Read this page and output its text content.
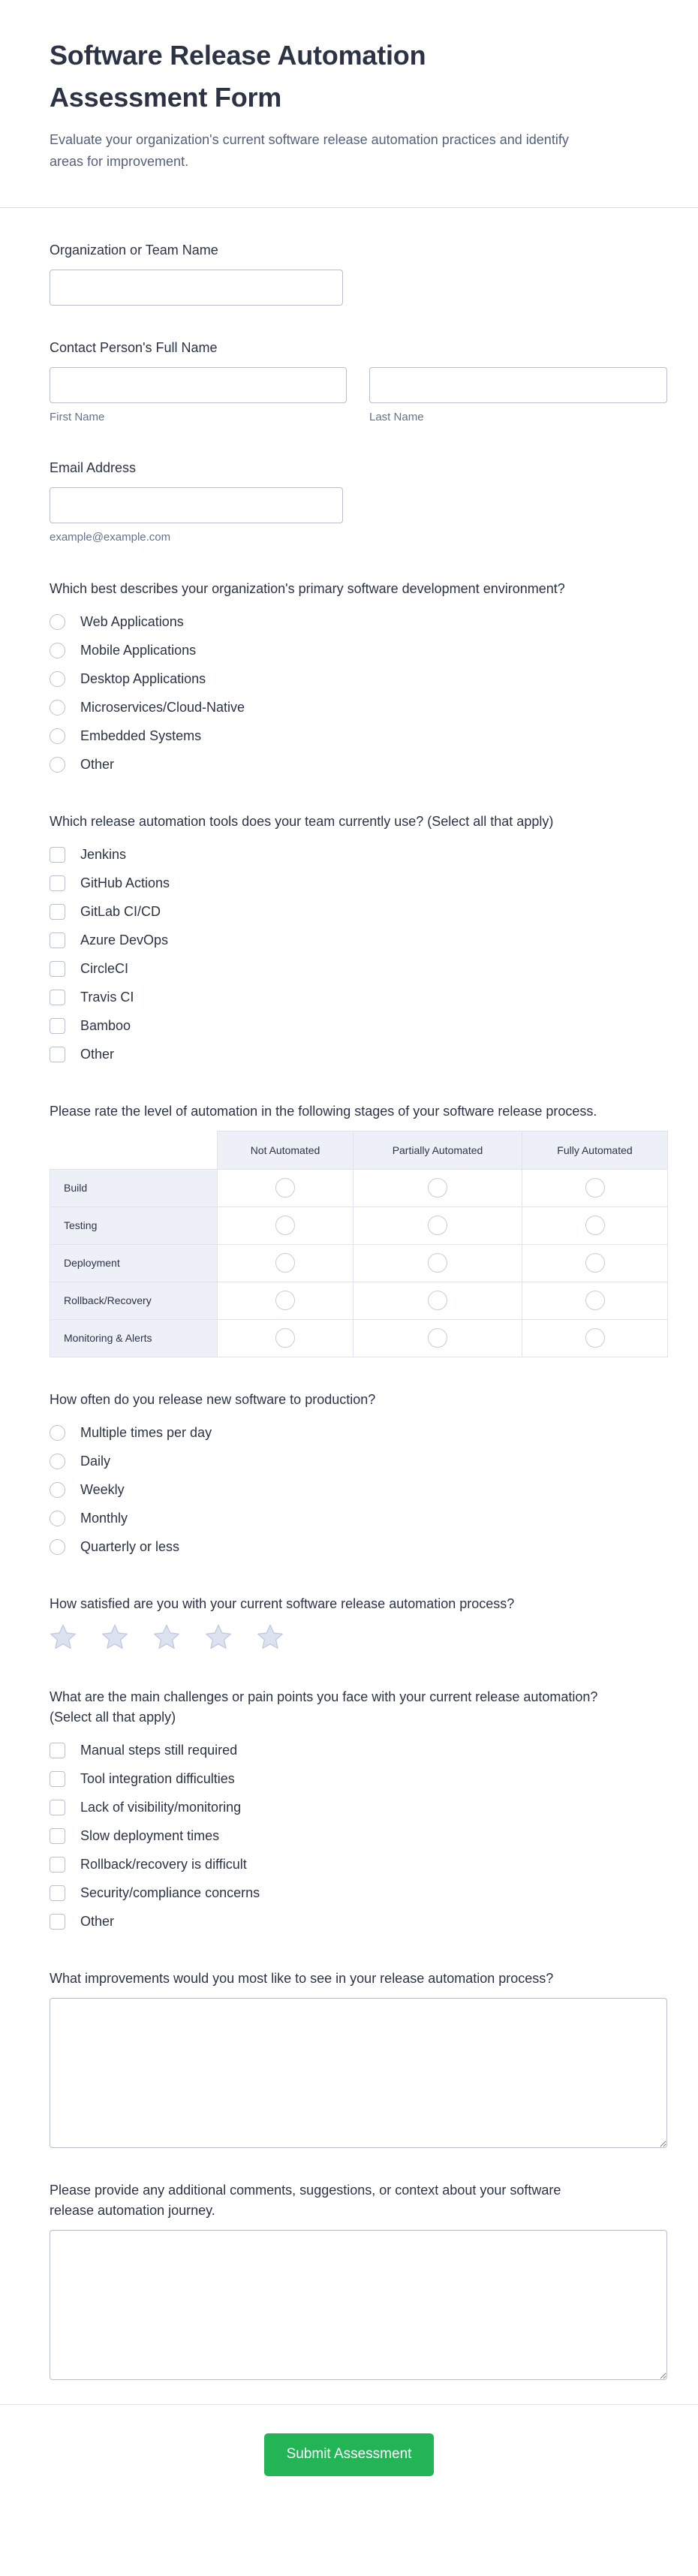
Software Release Automation Assessment Form

Evaluate your organization's current software release automation practices and identify areas for improvement.

Organization or Team Name
Contact Person's Full Name
First Name	Last Name
Email Address
example@example.com
Which best describes your organization's primary software development environment?
Web Applications
Mobile Applications
Desktop Applications
Microservices/Cloud-Native
Embedded Systems
Other
Which release automation tools does your team currently use? (Select all that apply)
Jenkins
GitHub Actions
GitLab CI/CD
Azure DevOps
CircleCI
Travis CI
Bamboo
Other
Please rate the level of automation in the following stages of your software release process.
	Not Automated	Partially Automated	Fully Automated
Build			
Testing			
Deployment			
Rollback/Recovery			
Monitoring & Alerts			
How often do you release new software to production?
Multiple times per day
Daily
Weekly
Monthly
Quarterly or less
How satisfied are you with your current software release automation process?
What are the main challenges or pain points you face with your current release automation? (Select all that apply)
Manual steps still required
Tool integration difficulties
Lack of visibility/monitoring
Slow deployment times
Rollback/recovery is difficult
Security/compliance concerns
Other
What improvements would you most like to see in your release automation process?
Please provide any additional comments, suggestions, or context about your software release automation journey.
Submit Assessment
